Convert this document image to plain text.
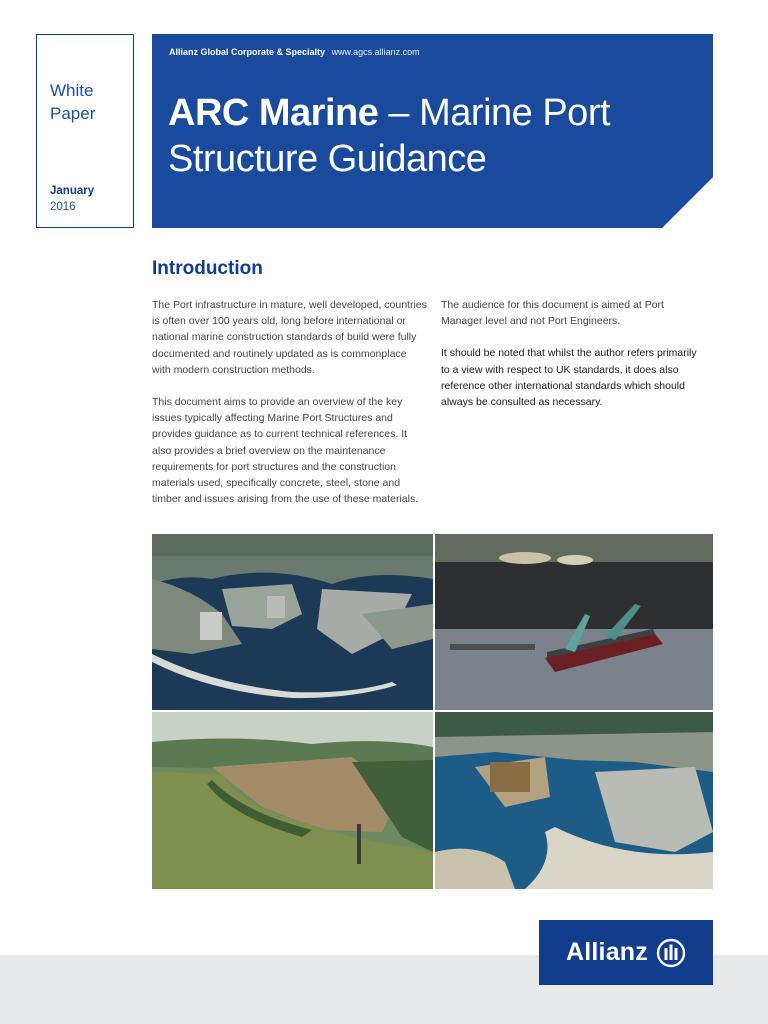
White
Paper
January
2016
Allianz Global Corporate & Specialty www.agcs.allianz.com
ARC Marine – Marine Port Structure Guidance
Introduction

The Port infrastructure in mature, well developed, countries is often over 100 years old, long before international or national marine construction standards of build were fully documented and routinely updated as is commonplace with modern construction methods.

This document aims to provide an overview of the key issues typically affecting Marine Port Structures and provides guidance as to current technical references. It also provides a brief overview on the maintenance requirements for port structures and the construction materials used, specifically concrete, steel, stone and timber and issues arising from the use of these materials.

The audience for this document is aimed at Port Manager level and not Port Engineers.

It should be noted that whilst the author refers primarily to a view with respect to UK standards, it does also reference other international standards which should always be consulted as necessary.

Allianz
